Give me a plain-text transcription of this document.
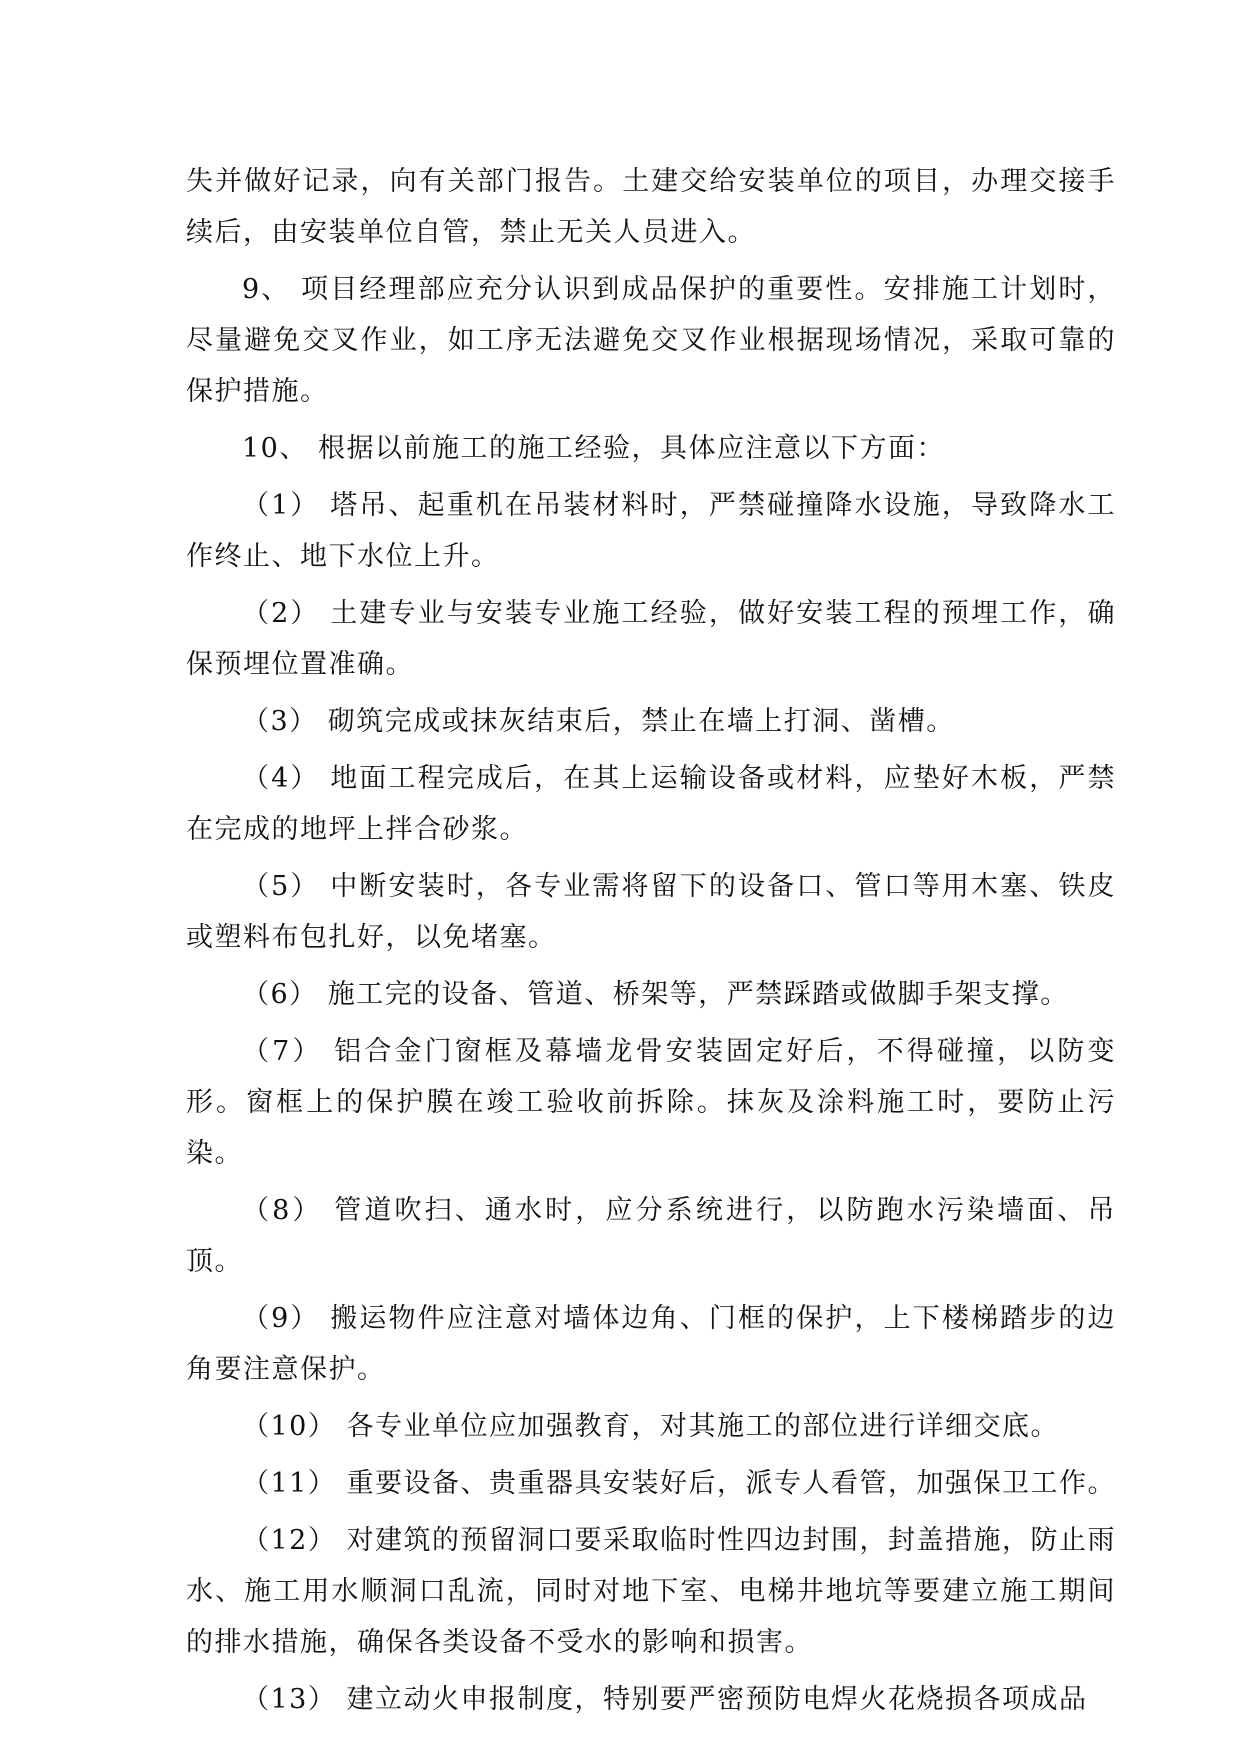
失并做好记录，向有关部门报告。土建交给安装单位的项目，办理交接手续后，由安装单位自管，禁止无关人员进入。

9、 项目经理部应充分认识到成品保护的重要性。安排施工计划时，尽量避免交叉作业，如工序无法避免交叉作业根据现场情况，采取可靠的保护措施。

10、 根据以前施工的施工经验，具体应注意以下方面：

（1） 塔吊、起重机在吊装材料时，严禁碰撞降水设施，导致降水工作终止、地下水位上升。

（2） 土建专业与安装专业施工经验，做好安装工程的预埋工作，确保预埋位置准确。

（3） 砌筑完成或抹灰结束后，禁止在墙上打洞、凿槽。

（4） 地面工程完成后，在其上运输设备或材料，应垫好木板，严禁在完成的地坪上拌合砂浆。

（5） 中断安装时，各专业需将留下的设备口、管口等用木塞、铁皮或塑料布包扎好，以免堵塞。

（6） 施工完的设备、管道、桥架等，严禁踩踏或做脚手架支撑。

（7） 铝合金门窗框及幕墙龙骨安装固定好后，不得碰撞，以防变形。窗框上的保护膜在竣工验收前拆除。抹灰及涂料施工时，要防止污染。

（8） 管道吹扫、通水时，应分系统进行，以防跑水污染墙面、吊顶。

（9） 搬运物件应注意对墙体边角、门框的保护，上下楼梯踏步的边角要注意保护。

（10） 各专业单位应加强教育，对其施工的部位进行详细交底。

（11） 重要设备、贵重器具安装好后，派专人看管，加强保卫工作。

（12） 对建筑的预留洞口要采取临时性四边封围，封盖措施，防止雨水、施工用水顺洞口乱流，同时对地下室、电梯井地坑等要建立施工期间的排水措施，确保各类设备不受水的影响和损害。

（13） 建立动火申报制度，特别要严密预防电焊火花烧损各项成品
